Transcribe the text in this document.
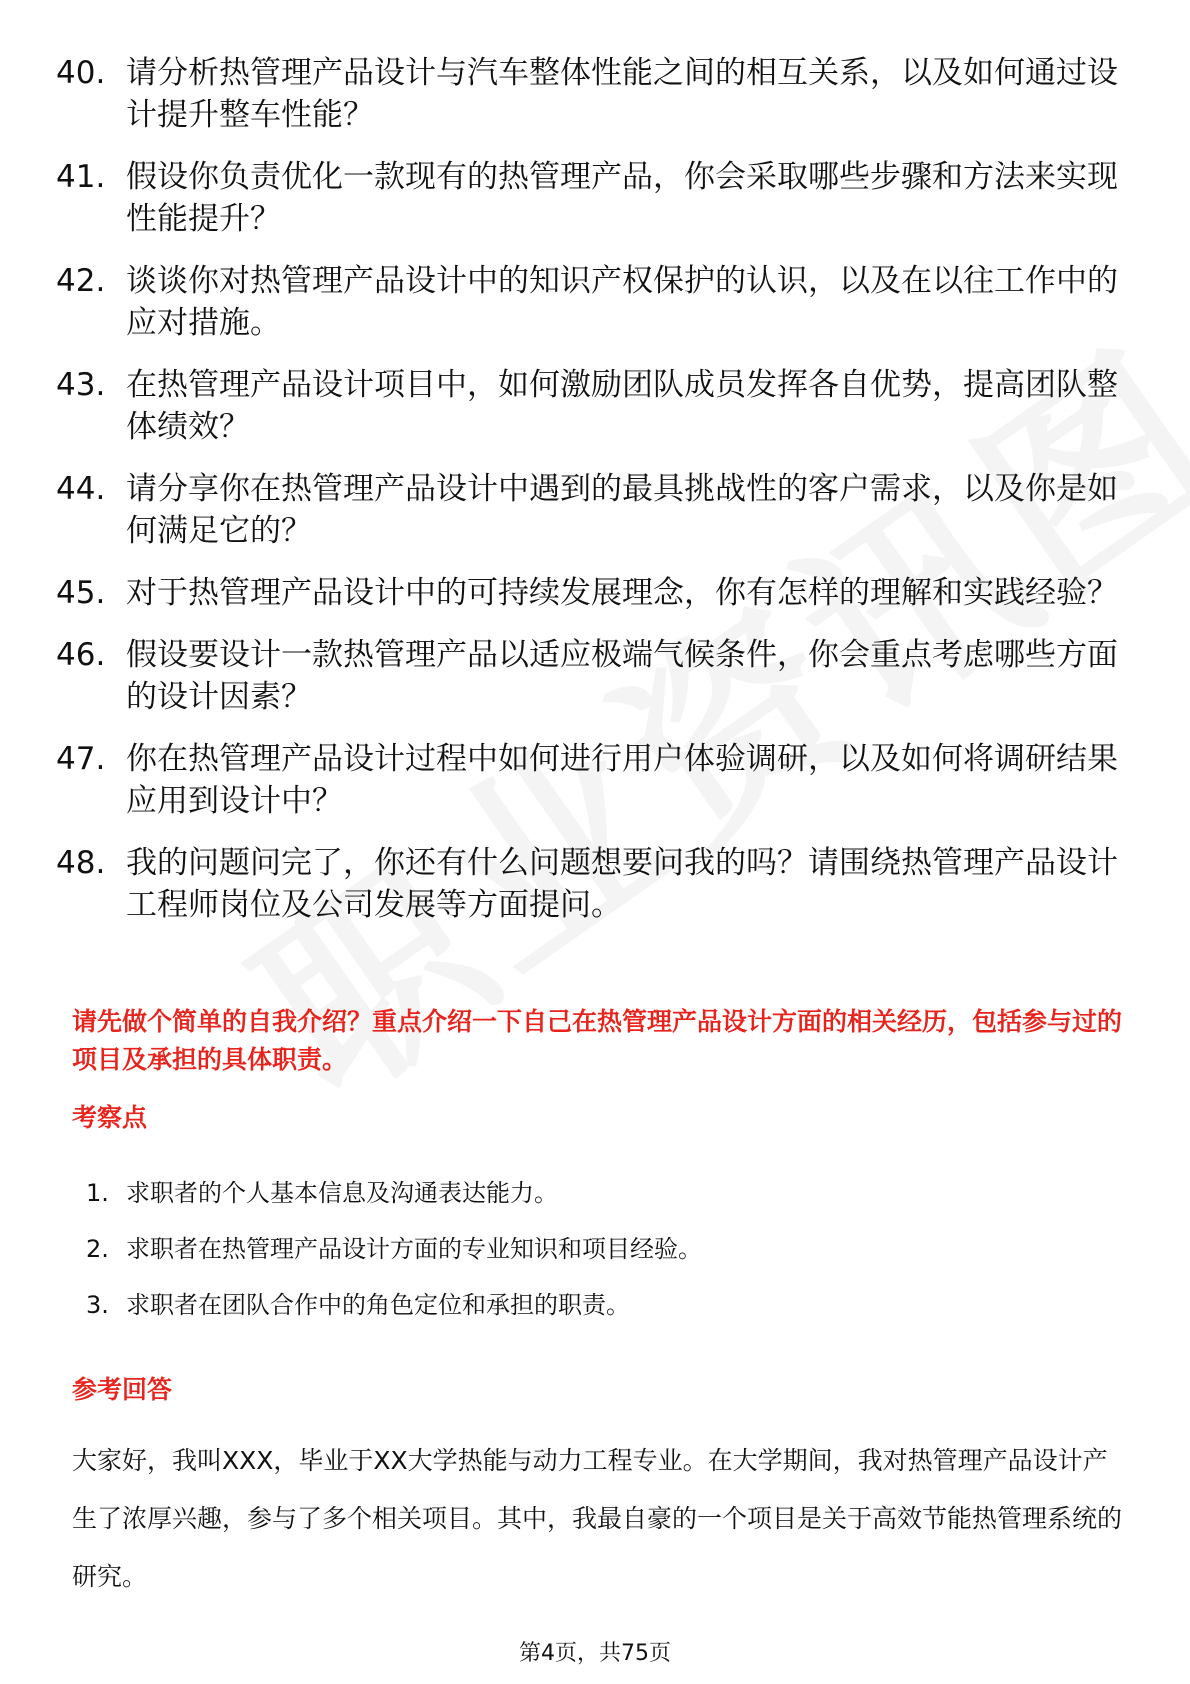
40. 请分析热管理产品设计与汽车整体性能之间的相互关系，以及如何通过设计提升整车性能？
41. 假设你负责优化一款现有的热管理产品，你会采取哪些步骤和方法来实现性能提升？
42. 谈谈你对热管理产品设计中的知识产权保护的认识，以及在以往工作中的应对措施。
43. 在热管理产品设计项目中，如何激励团队成员发挥各自优势，提高团队整体绩效？
44. 请分享你在热管理产品设计中遇到的最具挑战性的客户需求，以及你是如何满足它的？
45. 对于热管理产品设计中的可持续发展理念，你有怎样的理解和实践经验？
46. 假设要设计一款热管理产品以适应极端气候条件，你会重点考虑哪些方面的设计因素？
47. 你在热管理产品设计过程中如何进行用户体验调研，以及如何将调研结果应用到设计中？
48. 我的问题问完了，你还有什么问题想要问我的吗？请围绕热管理产品设计工程师岗位及公司发展等方面提问。
请先做个简单的自我介绍？重点介绍一下自己在热管理产品设计方面的相关经历，包括参与过的项目及承担的具体职责。
考察点
1. 求职者的个人基本信息及沟通表达能力。
2. 求职者在热管理产品设计方面的专业知识和项目经验。
3. 求职者在团队合作中的角色定位和承担的职责。
参考回答
大家好，我叫XXX，毕业于XX大学热能与动力工程专业。在大学期间，我对热管理产品设计产生了浓厚兴趣，参与了多个相关项目。其中，我最自豪的一个项目是关于高效节能热管理系统的研究。
第4页，共75页
